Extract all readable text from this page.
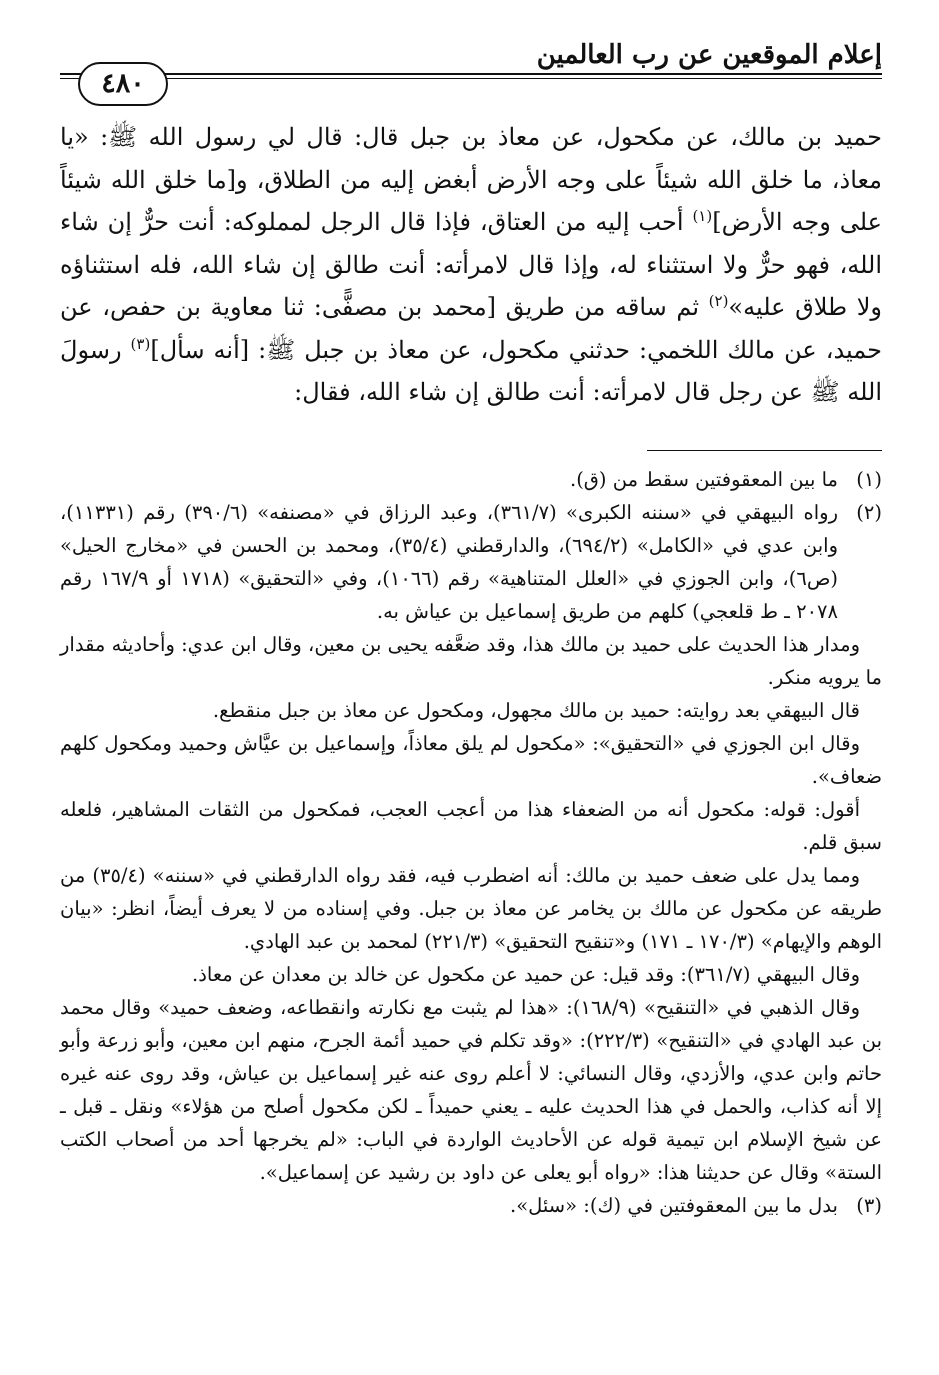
إعلام الموقعين عن رب العالمين
٤٨٠

حميد بن مالك، عن مكحول، عن معاذ بن جبل قال: قال لي رسول الله ﷺ: «يا معاذ، ما خلق الله شيئاً على وجه الأرض أبغض إليه من الطلاق، و[ما خلق الله شيئاً على وجه الأرض]$^{(١)}$ أحب إليه من العتاق، فإذا قال الرجل لمملوكه: أنت حرٌّ إن شاء الله، فهو حرٌّ ولا استثناء له، وإذا قال لامرأته: أنت طالق إن شاء الله، فله استثناؤه ولا طلاق عليه»$^{(٢)}$ ثم ساقه من طريق [محمد بن مصفًّى: ثنا معاوية بن حفص، عن حميد، عن مالك اللخمي: حدثني مكحول، عن معاذ بن جبل ﷺ: [أنه سأل]$^{(٣)}$ رسولَ الله ﷺ عن رجل قال لامرأته: أنت طالق إن شاء الله، فقال:

(١)

ما بين المعقوفتين سقط من (ق).

(٢)

رواه البيهقي في «سننه الكبرى» (٣٦١/٧)، وعبد الرزاق في «مصنفه» (٣٩٠/٦) رقم (١١٣٣١)، وابن عدي في «الكامل» (٦٩٤/٢)، والدارقطني (٣٥/٤)، ومحمد بن الحسن في «مخارج الحيل» (ص٦)، وابن الجوزي في «العلل المتناهية» رقم (١٠٦٦)، وفي «التحقيق» (١٧١٨ أو ١٦٧/٩ رقم ٢٠٧٨ ـ ط قلعجي) كلهم من طريق إسماعيل بن عياش به.

ومدار هذا الحديث على حميد بن مالك هذا، وقد ضعَّفه يحيى بن معين، وقال ابن عدي: وأحاديثه مقدار ما يرويه منكر.

قال البيهقي بعد روايته: حميد بن مالك مجهول، ومكحول عن معاذ بن جبل منقطع.

وقال ابن الجوزي في «التحقيق»: «مكحول لم يلق معاذاً، وإسماعيل بن عيَّاش وحميد ومكحول كلهم ضعاف».

أقول: قوله: مكحول أنه من الضعفاء هذا من أعجب العجب، فمكحول من الثقات المشاهير، فلعله سبق قلم.

ومما يدل على ضعف حميد بن مالك: أنه اضطرب فيه، فقد رواه الدارقطني في «سننه» (٣٥/٤) من طريقه عن مكحول عن مالك بن يخامر عن معاذ بن جبل. وفي إسناده من لا يعرف أيضاً، انظر: «بيان الوهم والإيهام» (١٧٠/٣ ـ ١٧١) و«تنقيح التحقيق» (٢٢١/٣) لمحمد بن عبد الهادي.

وقال البيهقي (٣٦١/٧): وقد قيل: عن حميد عن مكحول عن خالد بن معدان عن معاذ.

وقال الذهبي في «التنقيح» (١٦٨/٩): «هذا لم يثبت مع نكارته وانقطاعه، وضعف حميد» وقال محمد بن عبد الهادي في «التنقيح» (٢٢٢/٣): «وقد تكلم في حميد أئمة الجرح، منهم ابن معين، وأبو زرعة وأبو حاتم وابن عدي، والأزدي، وقال النسائي: لا أعلم روى عنه غير إسماعيل بن عياش، وقد روى عنه غيره إلا أنه كذاب، والحمل في هذا الحديث عليه ـ يعني حميداً ـ لكن مكحول أصلح من هؤلاء» ونقل ـ قبل ـ عن شيخ الإسلام ابن تيمية قوله عن الأحاديث الواردة في الباب: «لم يخرجها أحد من أصحاب الكتب الستة» وقال عن حديثنا هذا: «رواه أبو يعلى عن داود بن رشيد عن إسماعيل».

(٣)

بدل ما بين المعقوفتين في (ك): «سئل».
